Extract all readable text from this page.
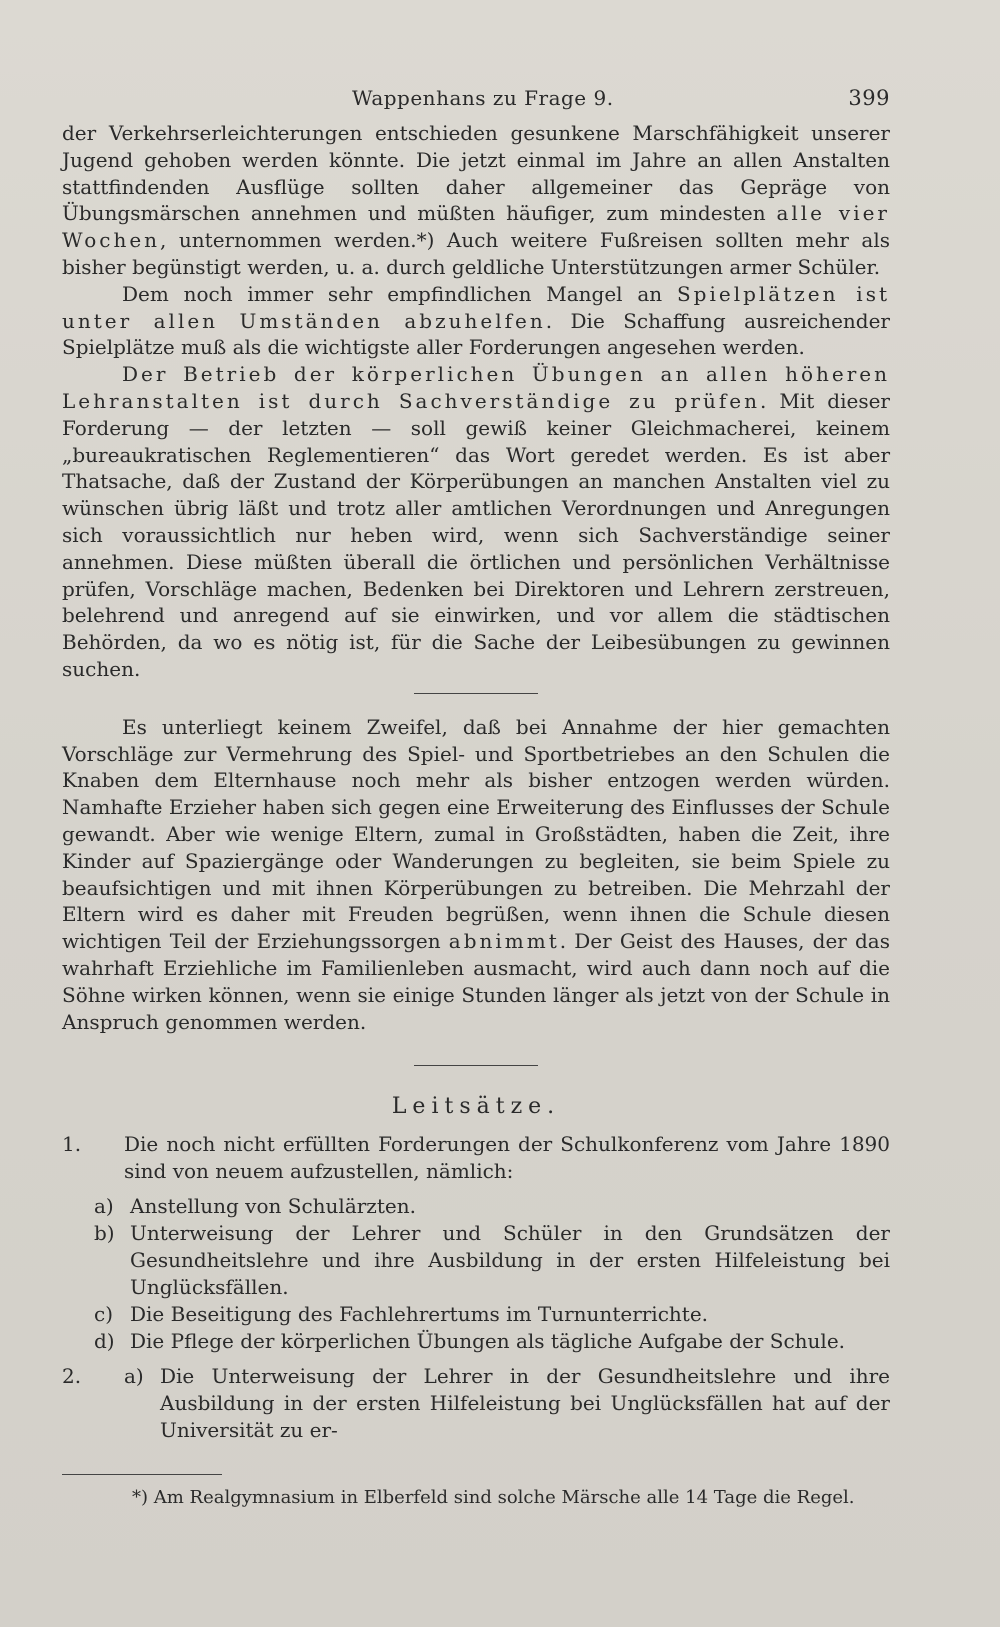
Wappenhans zu Frage 9.	399

der Verkehrserleichterungen entschieden gesunkene Marschfähigkeit unserer Jugend gehoben werden könnte. Die jetzt einmal im Jahre an allen Anstalten stattfindenden Ausflüge sollten daher allgemeiner das Gepräge von Übungsmärschen annehmen und müßten häufiger, zum mindesten alle vier Wochen, unternommen werden.*) Auch weitere Fußreisen sollten mehr als bisher begünstigt werden, u. a. durch geldliche Unterstützungen armer Schüler.

Dem noch immer sehr empfindlichen Mangel an Spielplätzen ist unter allen Umständen abzuhelfen. Die Schaffung ausreichender Spielplätze muß als die wichtigste aller Forderungen angesehen werden.

Der Betrieb der körperlichen Übungen an allen höheren Lehranstalten ist durch Sachverständige zu prüfen. Mit dieser Forderung — der letzten — soll gewiß keiner Gleichmacherei, keinem „bureaukratischen Reglementieren“ das Wort geredet werden. Es ist aber Thatsache, daß der Zustand der Körperübungen an manchen Anstalten viel zu wünschen übrig läßt und trotz aller amtlichen Verordnungen und Anregungen sich voraussichtlich nur heben wird, wenn sich Sachverständige seiner annehmen. Diese müßten überall die örtlichen und persönlichen Verhältnisse prüfen, Vorschläge machen, Bedenken bei Direktoren und Lehrern zerstreuen, belehrend und anregend auf sie einwirken, und vor allem die städtischen Behörden, da wo es nötig ist, für die Sache der Leibesübungen zu gewinnen suchen.

Es unterliegt keinem Zweifel, daß bei Annahme der hier gemachten Vorschläge zur Vermehrung des Spiel- und Sportbetriebes an den Schulen die Knaben dem Elternhause noch mehr als bisher entzogen werden würden. Namhafte Erzieher haben sich gegen eine Erweiterung des Einflusses der Schule gewandt. Aber wie wenige Eltern, zumal in Großstädten, haben die Zeit, ihre Kinder auf Spaziergänge oder Wanderungen zu begleiten, sie beim Spiele zu beaufsichtigen und mit ihnen Körperübungen zu betreiben. Die Mehrzahl der Eltern wird es daher mit Freuden begrüßen, wenn ihnen die Schule diesen wichtigen Teil der Erziehungssorgen abnimmt. Der Geist des Hauses, der das wahrhaft Erziehliche im Familienleben ausmacht, wird auch dann noch auf die Söhne wirken können, wenn sie einige Stunden länger als jetzt von der Schule in Anspruch genommen werden.

Leitsätze.
1.	Die noch nicht erfüllten Forderungen der Schulkonferenz vom Jahre 1890 sind von neuem aufzustellen, nämlich:
a) Anstellung von Schulärzten.
b) Unterweisung der Lehrer und Schüler in den Grundsätzen der Gesundheitslehre und ihre Ausbildung in der ersten Hilfeleistung bei Unglücksfällen.
c) Die Beseitigung des Fachlehrertums im Turnunterrichte.
d) Die Pflege der körperlichen Übungen als tägliche Aufgabe der Schule.
2.	a) Die Unterweisung der Lehrer in der Gesundheitslehre und ihre Ausbildung in der ersten Hilfeleistung bei Unglücksfällen hat auf der Universität zu er-
*) Am Realgymnasium in Elberfeld sind solche Märsche alle 14 Tage die Regel.
